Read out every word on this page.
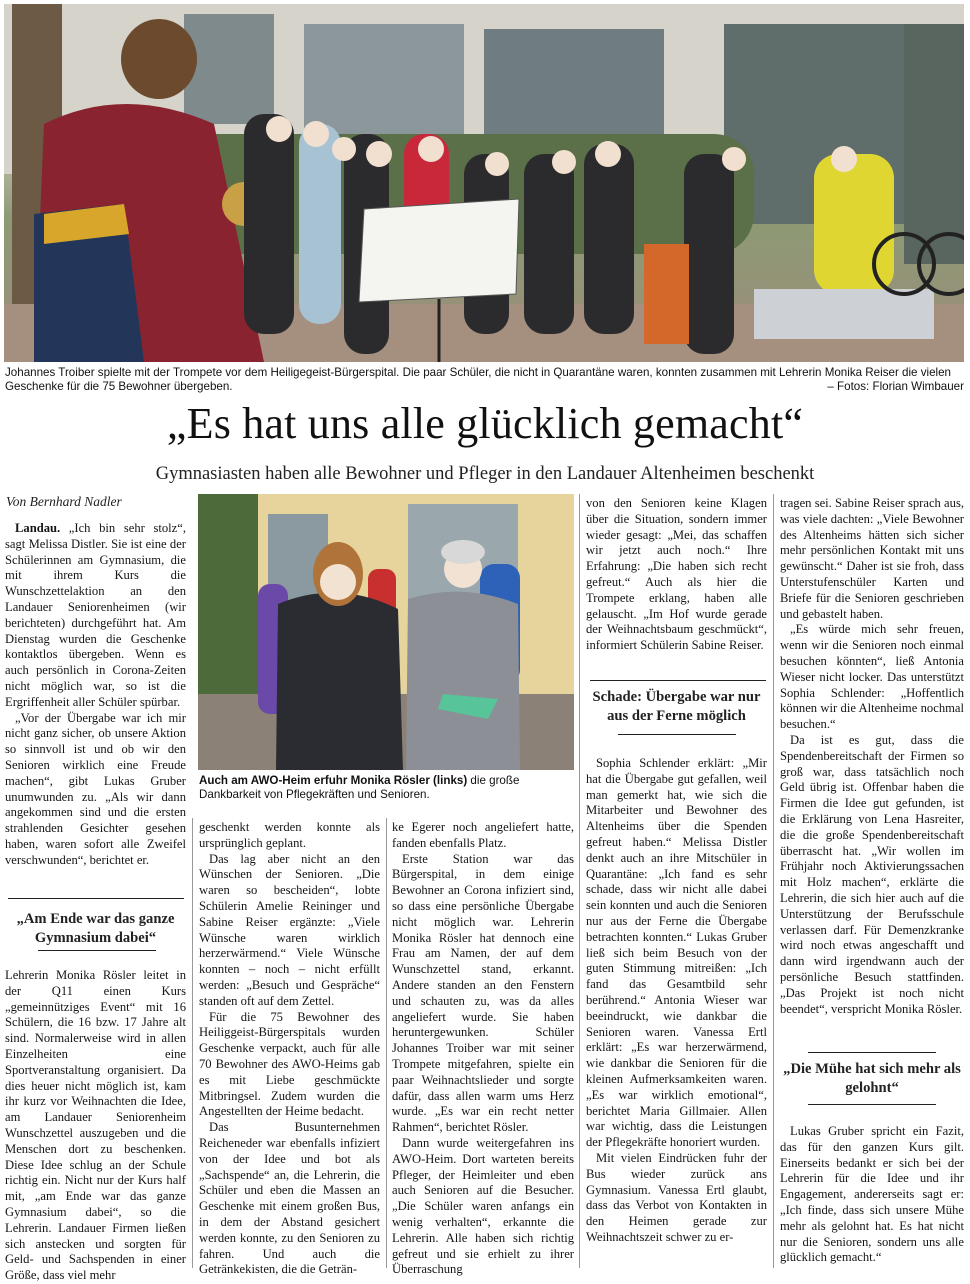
Johannes Troiber spielte mit der Trompete vor dem Heiligegeist-Bürgerspital. Die paar Schüler, die nicht in Quarantäne waren, konnten zusammen mit Lehrerin Monika Reiser die vielen Geschenke für die 75 Bewohner übergeben.	– Fotos: Florian Wimbauer
„Es hat uns alle glücklich gemacht“
Gymnasiasten haben alle Bewohner und Pfleger in den Landauer Altenheimen beschenkt
Von Bernhard Nadler
Auch am AWO-Heim erfuhr Monika Rösler (links) die große Dankbarkeit von Pflegekräften und Senioren.

Landau. „Ich bin sehr stolz“, sagt Melissa Distler. Sie ist eine der Schülerinnen am Gymnasium, die mit ihrem Kurs die Wunschzettelaktion an den Landauer Seniorenheimen (wir berichteten) durchgeführt hat. Am Dienstag wurden die Geschenke kontaktlos übergeben. Wenn es auch persönlich in Corona-Zeiten nicht möglich war, so ist die Ergriffenheit aller Schüler spürbar.

„Vor der Übergabe war ich mir nicht ganz sicher, ob unsere Aktion so sinnvoll ist und ob wir den Senioren wirklich eine Freude machen“, gibt Lukas Gruber unumwunden zu. „Als wir dann angekommen sind und die ersten strahlenden Gesichter gesehen haben, waren sofort alle Zweifel verschwunden“, berichtet er.

„Am Ende war das ganze Gymnasium dabei“

Lehrerin Monika Rösler leitet in der Q11 einen Kurs „gemeinnütziges Event“ mit 16 Schülern, die 16 bzw. 17 Jahre alt sind. Normalerweise wird in allen Einzelheiten eine Sportveranstaltung organisiert. Da dies heuer nicht möglich ist, kam ihr kurz vor Weihnachten die Idee, am Landauer Seniorenheim Wunschzettel auszugeben und die Menschen dort zu beschenken. Diese Idee schlug an der Schule richtig ein. Nicht nur der Kurs half mit, „am Ende war das ganze Gymnasium dabei“, so die Lehrerin. Landauer Firmen ließen sich anstecken und sorgten für Geld- und Sachspenden in einer Größe, dass viel mehr

geschenkt werden konnte als ursprünglich geplant.

Das lag aber nicht an den Wünschen der Senioren. „Die waren so bescheiden“, lobte Schülerin Amelie Reininger und Sabine Reiser ergänzte: „Viele Wünsche waren wirklich herzerwärmend.“ Viele Wünsche konnten – noch – nicht erfüllt werden: „Besuch und Gespräche“ standen oft auf dem Zettel.

Für die 75 Bewohner des Heiliggeist-Bürgerspitals wurden Geschenke verpackt, auch für alle 70 Bewohner des AWO-Heims gab es mit Liebe geschmückte Mitbringsel. Zudem wurden die Angestellten der Heime bedacht.

Das Busunternehmen Reicheneder war ebenfalls infiziert von der Idee und bot als „Sachspende“ an, die Lehrerin, die Schüler und eben die Massen an Geschenke mit einem großen Bus, in dem der Abstand gesichert werden konnte, zu den Senioren zu fahren. Und auch die Getränkekisten, die die Geträn-

ke Egerer noch angeliefert hatte, fanden ebenfalls Platz.

Erste Station war das Bürgerspital, in dem einige Bewohner an Corona infiziert sind, so dass eine persönliche Übergabe nicht möglich war. Lehrerin Monika Rösler hat dennoch eine Frau am Namen, der auf dem Wunschzettel stand, erkannt. Andere standen an den Fenstern und schauten zu, was da alles angeliefert wurde. Sie haben heruntergewunken. Schüler Johannes Troiber war mit seiner Trompete mitgefahren, spielte ein paar Weihnachtslieder und sorgte dafür, dass allen warm ums Herz wurde. „Es war ein recht netter Rahmen“, berichtet Rösler.

Dann wurde weitergefahren ins AWO-Heim. Dort warteten bereits Pfleger, der Heimleiter und eben auch Senioren auf die Besucher. „Die Schüler waren anfangs ein wenig verhalten“, erkannte die Lehrerin. Alle haben sich richtig gefreut und sie erhielt zu ihrer Überraschung

von den Senioren keine Klagen über die Situation, sondern immer wieder gesagt: „Mei, das schaffen wir jetzt auch noch.“ Ihre Erfahrung: „Die haben sich recht gefreut.“ Auch als hier die Trompete erklang, haben alle gelauscht. „Im Hof wurde gerade der Weihnachtsbaum geschmückt“, informiert Schülerin Sabine Reiser.

Schade: Übergabe war nur aus der Ferne möglich

Sophia Schlender erklärt: „Mir hat die Übergabe gut gefallen, weil man gemerkt hat, wie sich die Mitarbeiter und Bewohner des Altenheims über die Spenden gefreut haben.“ Melissa Distler denkt auch an ihre Mitschüler in Quarantäne: „Ich fand es sehr schade, dass wir nicht alle dabei sein konnten und auch die Senioren nur aus der Ferne die Übergabe betrachten konnten.“ Lukas Gruber ließ sich beim Besuch von der guten Stimmung mitreißen: „Ich fand das Gesamtbild sehr berührend.“ Antonia Wieser war beeindruckt, wie dankbar die Senioren waren. Vanessa Ertl erklärt: „Es war herzerwärmend, wie dankbar die Senioren für die kleinen Aufmerksamkeiten waren. „Es war wirklich emotional“, berichtet Maria Gillmaier. Allen war wichtig, dass die Leistungen der Pflegekräfte honoriert wurden.

Mit vielen Eindrücken fuhr der Bus wieder zurück ans Gymnasium. Vanessa Ertl glaubt, dass das Verbot von Kontakten in den Heimen gerade zur Weihnachtszeit schwer zu er-

tragen sei. Sabine Reiser sprach aus, was viele dachten: „Viele Bewohner des Altenheims hätten sich sicher mehr persönlichen Kontakt mit uns gewünscht.“ Daher ist sie froh, dass Unterstufenschüler Karten und Briefe für die Senioren geschrieben und gebastelt haben.

„Es würde mich sehr freuen, wenn wir die Senioren noch einmal besuchen könnten“, ließ Antonia Wieser nicht locker. Das unterstützt Sophia Schlender: „Hoffentlich können wir die Altenheime nochmal besuchen.“

Da ist es gut, dass die Spendenbereitschaft der Firmen so groß war, dass tatsächlich noch Geld übrig ist. Offenbar haben die Firmen die Idee gut gefunden, ist die Erklärung von Lena Hasreiter, die die große Spendenbereitschaft überrascht hat. „Wir wollen im Frühjahr noch Aktivierungssachen mit Holz machen“, erklärte die Lehrerin, die sich hier auch auf die Unterstützung der Berufsschule verlassen darf. Für Demenzkranke wird noch etwas angeschafft und dann wird irgendwann auch der persönliche Besuch stattfinden. „Das Projekt ist noch nicht beendet“, verspricht Monika Rösler.

„Die Mühe hat sich mehr als gelohnt“

Lukas Gruber spricht ein Fazit, das für den ganzen Kurs gilt. Einerseits bedankt er sich bei der Lehrerin für die Idee und ihr Engagement, andererseits sagt er: „Ich finde, dass sich unsere Mühe mehr als gelohnt hat. Es hat nicht nur die Senioren, sondern uns alle glücklich gemacht.“
